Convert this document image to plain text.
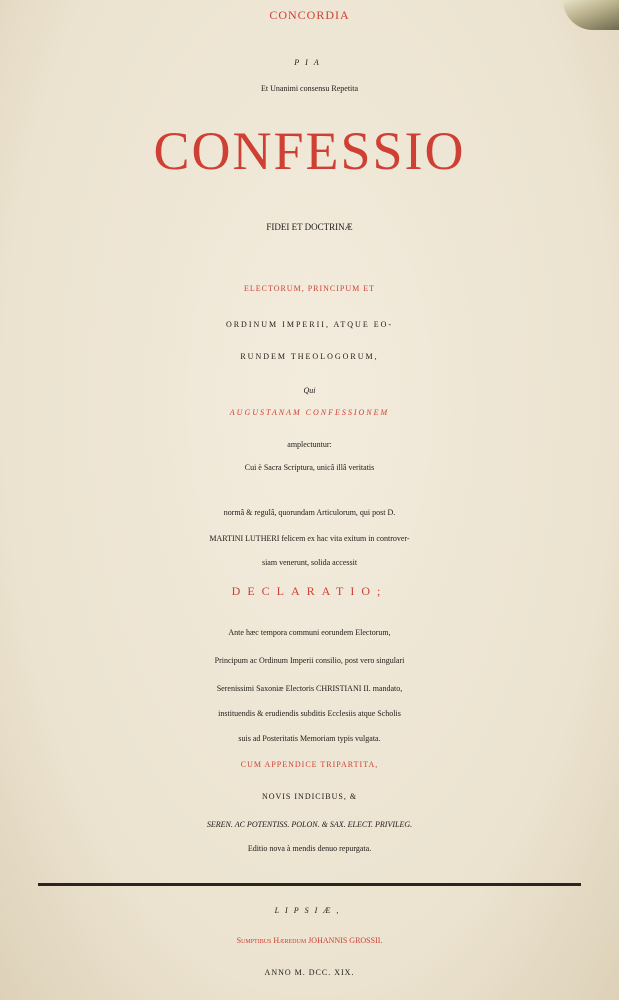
CONCORDIA
PIA
Et Unanimi consensu Repetita
CONFESSIO
FIDEI ET DOCTRINÆ
ELECTORUM, PRINCIPUM ET
ORDINUM IMPERII, ATQUE EO-
RUNDEM THEOLOGORUM,
Qui
AUGUSTANAM CONFESSIONEM
amplectuntur:
Cui è Sacra Scriptura, unicâ illâ veritatis
normâ & regulâ, quorundam Articulorum, qui post D.
MARTINI LUTHERI felicem ex hac vita exitum in controver-
siam venerunt, solida accessit
DECLARATIO;
Ante hæc tempora communi eorundem Electorum,
Principum ac Ordinum Imperii consilio, post vero singulari
Serenissimi Saxoniæ Electoris CHRISTIANI II. mandato,
instituendis & erudiendis subditis Ecclesiis atque Scholis
suis ad Posteritatis Memoriam typis vulgata.
CUM APPENDICE TRIPARTITA,
NOVIS INDICIBUS, &
SEREN. AC POTENTISS. POLON. & SAX. ELECT. PRIVILEG.
Editio nova à mendis denuo repurgata.
LIPSIÆ,
Sumptibus Hæredum JOHANNIS GROSSII.
ANNO M. DCC. XIX.
